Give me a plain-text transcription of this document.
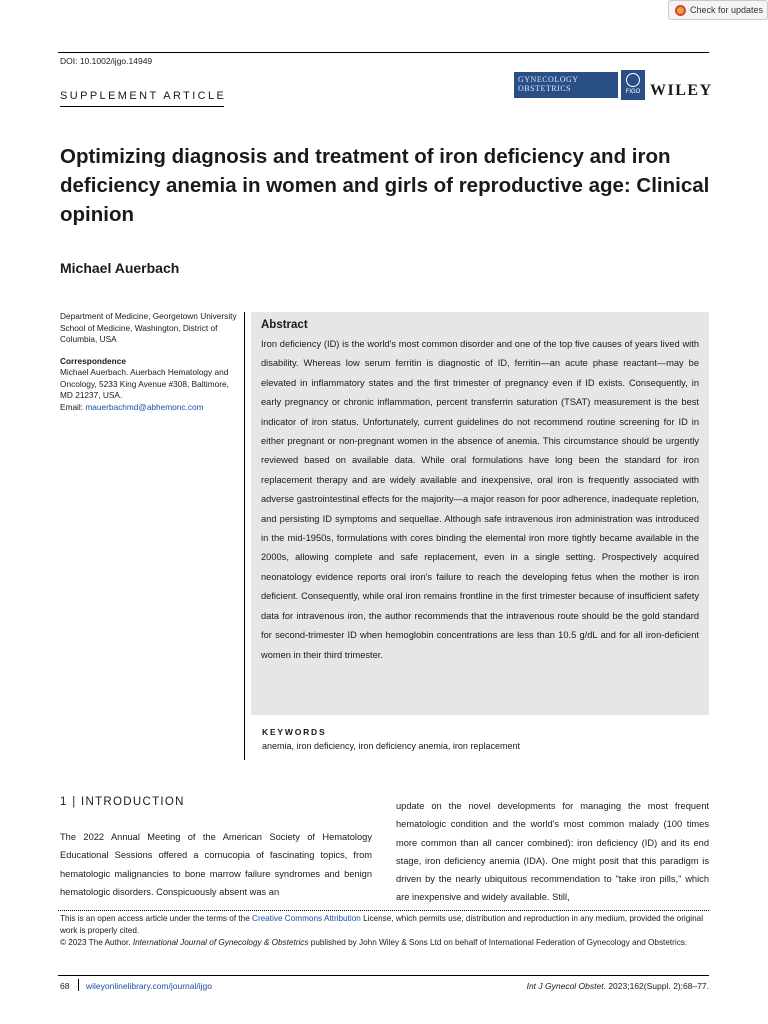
Check for updates
DOI: 10.1002/ijgo.14949
SUPPLEMENT ARTICLE
GYNECOLOGY
OBSTETRICS	FIGO WILEY
Optimizing diagnosis and treatment of iron deficiency and iron deficiency anemia in women and girls of reproductive age: Clinical opinion
Michael Auerbach
Department of Medicine, Georgetown University School of Medicine, Washington, District of Columbia, USA
Correspondence
Michael Auerbach. Auerbach Hematology and Oncology, 5233 King Avenue #308, Baltimore, MD 21237, USA.
Email: mauerbachmd@abhemonc.com
Abstract

Iron deficiency (ID) is the world's most common disorder and one of the top five causes of years lived with disability. Whereas low serum ferritin is diagnostic of ID, ferritin—an acute phase reactant—may be elevated in inflammatory states and the first trimester of pregnancy even if ID exists. Consequently, in early pregnancy or chronic inflammation, percent transferrin saturation (TSAT) measurement is the best indicator of iron status. Unfortunately, current guidelines do not recommend routine screening for ID in either pregnant or non-pregnant women in the absence of anemia. This circumstance should be urgently reviewed based on available data. While oral formulations have long been the standard for iron replacement therapy and are widely available and inexpensive, oral iron is frequently associated with adverse gastrointestinal effects for the majority—a major reason for poor adherence, inadequate repletion, and persisting ID symptoms and sequellae. Although safe intravenous iron administration was introduced in the mid-1950s, formulations with cores binding the elemental iron more tightly became available in the 2000s, allowing complete and safe replacement, even in a single setting. Prospectively acquired neonatology evidence reports oral iron's failure to reach the developing fetus when the mother is iron deficient. Consequently, while oral iron remains frontline in the first trimester because of insufficient safety data for intravenous iron, the author recommends that the intravenous route should be the gold standard for second-trimester ID when hemoglobin concentrations are less than 10.5 g/dL and for all iron-deficient women in their third trimester.

KEYWORDS
anemia, iron deficiency, iron deficiency anemia, iron replacement
1 | INTRODUCTION

The 2022 Annual Meeting of the American Society of Hematology Educational Sessions offered a cornucopia of fascinating topics, from hematologic malignancies to bone marrow failure syndromes and benign hematologic disorders. Conspicuously absent was an

update on the novel developments for managing the most frequent hematologic condition and the world's most common malady (100 times more common than all cancer combined): iron deficiency (ID) and its end stage, iron deficiency anemia (IDA). One might posit that this paradigm is driven by the nearly ubiquitous recommendation to "take iron pills," which are inexpensive and widely available. Still,

This is an open access article under the terms of the Creative Commons Attribution License, which permits use, distribution and reproduction in any medium, provided the original work is properly cited.
© 2023 The Author. International Journal of Gynecology & Obstetrics published by John Wiley & Sons Ltd on behalf of International Federation of Gynecology and Obstetrics.
68 wileyonlinelibrary.com/journal/ijgo	Int J Gynecol Obstet. 2023;162(Suppl. 2):68–77.
